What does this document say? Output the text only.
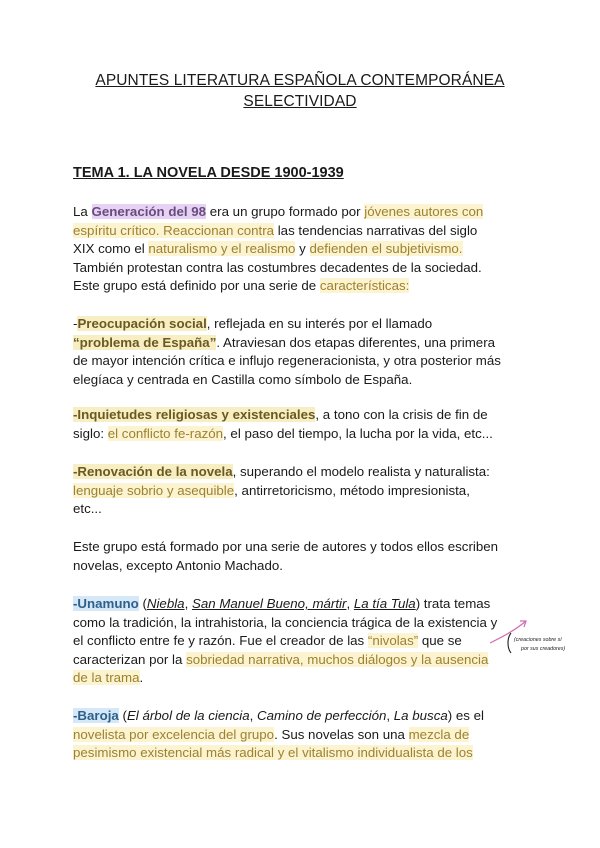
APUNTES LITERATURA ESPAÑOLA CONTEMPORÁNEA
SELECTIVIDAD
TEMA 1. LA NOVELA DESDE 1900-1939
La Generación del 98 era un grupo formado por jóvenes autores con
espíritu crítico. Reaccionan contra las tendencias narrativas del siglo
XIX como el naturalismo y el realismo y defienden el subjetivismo.
También protestan contra las costumbres decadentes de la sociedad.
Este grupo está definido por una serie de características:
-Preocupación social, reflejada en su interés por el llamado
“problema de España”. Atraviesan dos etapas diferentes, una primera
de mayor intención crítica e influjo regeneracionista, y otra posterior más
elegíaca y centrada en Castilla como símbolo de España.
-Inquietudes religiosas y existenciales, a tono con la crisis de fin de
siglo: el conflicto fe-razón, el paso del tiempo, la lucha por la vida, etc...
-Renovación de la novela, superando el modelo realista y naturalista:
lenguaje sobrio y asequible, antirretoricismo, método impresionista,
etc...
Este grupo está formado por una serie de autores y todos ellos escriben
novelas, excepto Antonio Machado.
-Unamuno (Niebla, San Manuel Bueno, mártir, La tía Tula) trata temas
como la tradición, la intrahistoria, la conciencia trágica de la existencia y
el conflicto entre fe y razón. Fue el creador de las “nivolas” que se
caracterizan por la sobriedad narrativa, muchos diálogos y la ausencia
de la trama.
(creaciones sobre sí
por sus creadores)
-Baroja (El árbol de la ciencia, Camino de perfección, La busca) es el
novelista por excelencia del grupo. Sus novelas son una mezcla de
pesimismo existencial más radical y el vitalismo individualista de los
